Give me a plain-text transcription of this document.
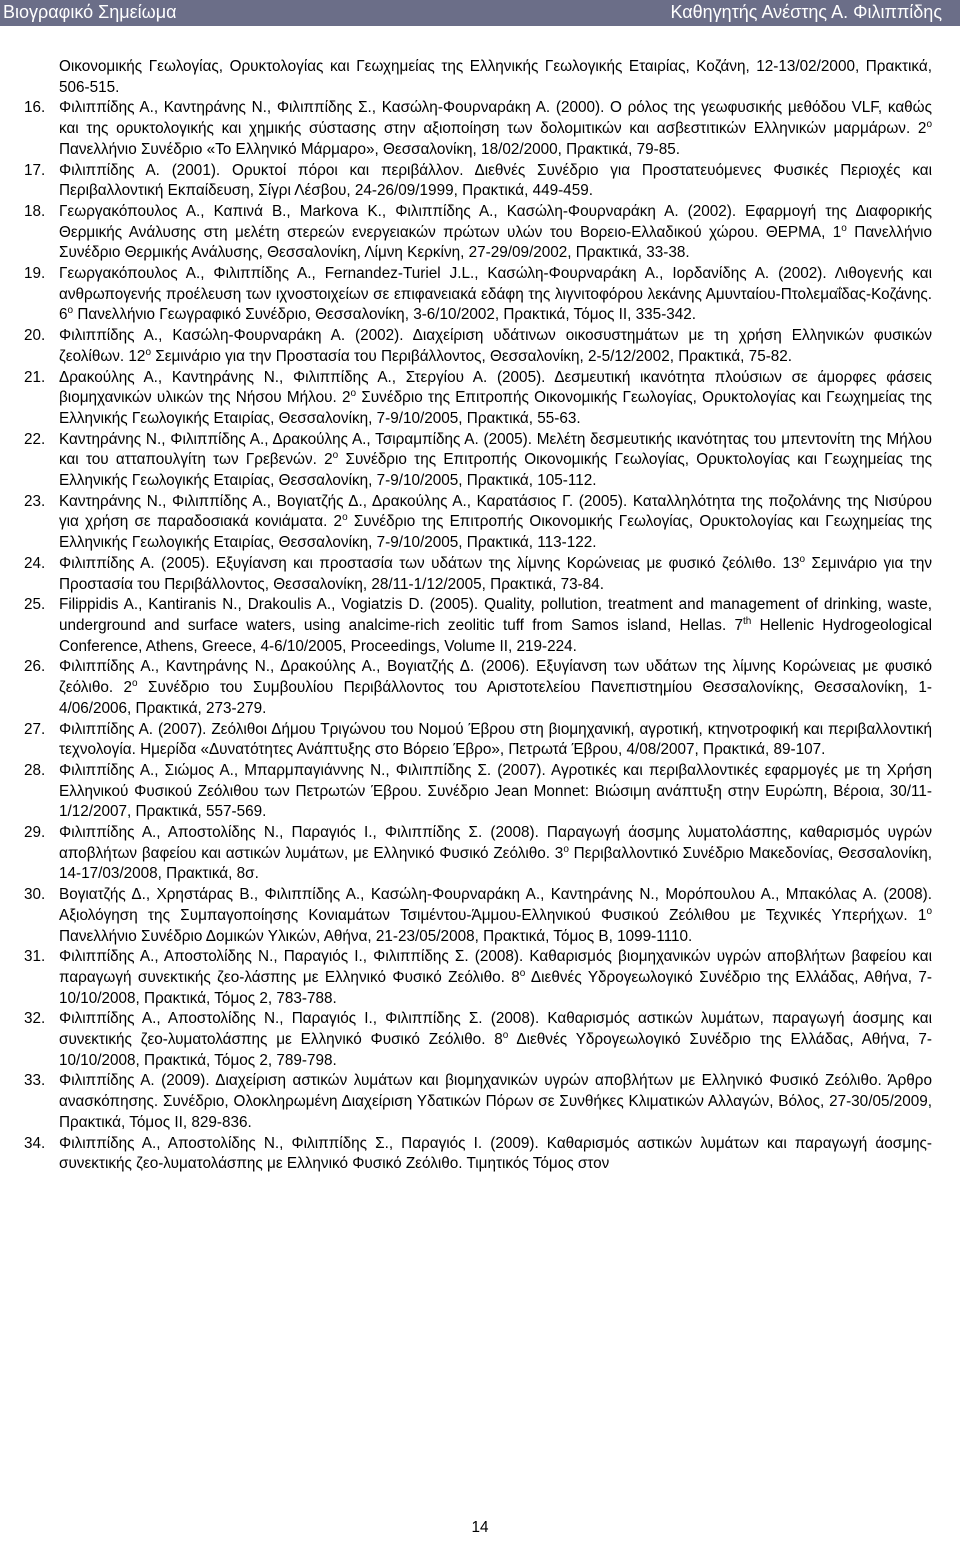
Βιογραφικό Σημείωμα	Καθηγητής Ανέστης Α. Φιλιππίδης
Οικονομικής Γεωλογίας, Ορυκτολογίας και Γεωχημείας της Ελληνικής Γεωλογικής Εταιρίας, Κοζάνη, 12-13/02/2000, Πρακτικά, 506-515.
16. Φιλιππίδης Α., Καντηράνης Ν., Φιλιππίδης Σ., Κασώλη-Φουρναράκη Α. (2000). Ο ρόλος της γεωφυσικής μεθόδου VLF, καθώς και της ορυκτολογικής και χημικής σύστασης στην αξιοποίηση των δολομιτικών και ασβεστιτικών Ελληνικών μαρμάρων. $2^o$ Πανελλήνιο Συνέδριο «Το Ελληνικό Μάρμαρο», Θεσσαλονίκη, 18/02/2000, Πρακτικά, 79-85.
17. Φιλιππίδης Α. (2001). Ορυκτοί πόροι και περιβάλλον. Διεθνές Συνέδριο για Προστατευόμενες Φυσικές Περιοχές και Περιβαλλοντική Εκπαίδευση, Σίγρι Λέσβου, 24-26/09/1999, Πρακτικά, 449-459.
18. Γεωργακόπουλος Α., Καπινά Β., Markova K., Φιλιππίδης Α., Κασώλη-Φουρναράκη Α. (2002). Εφαρμογή της Διαφορικής Θερμικής Ανάλυσης στη μελέτη στερεών ενεργειακών πρώτων υλών του Βορειο-Ελλαδικού χώρου. ΘΕΡΜΑ, $1^o$ Πανελλήνιο Συνέδριο Θερμικής Ανάλυσης, Θεσσαλονίκη, Λίμνη Κερκίνη, 27-29/09/2002, Πρακτικά, 33-38.
19. Γεωργακόπουλος Α., Φιλιππίδης Α., Fernandez-Turiel J.L., Κασώλη-Φουρναράκη Α., Ιορδανίδης Α. (2002). Λιθογενής και ανθρωπογενής προέλευση των ιχνοστοιχείων σε επιφανειακά εδάφη της λιγνιτοφόρου λεκάνης Αμυνταίου-Πτολεμαΐδας-Κοζάνης. $6^o$ Πανελλήνιο Γεωγραφικό Συνέδριο, Θεσσαλονίκη, 3-6/10/2002, Πρακτικά, Τόμος ΙΙ, 335-342.
20. Φιλιππίδης Α., Κασώλη-Φουρναράκη Α. (2002). Διαχείριση υδάτινων οικοσυστημάτων με τη χρήση Ελληνικών φυσικών ζεολίθων. $12^o$ Σεμινάριο για την Προστασία του Περιβάλλοντος, Θεσσαλονίκη, 2-5/12/2002, Πρακτικά, 75-82.
21. Δρακούλης Α., Καντηράνης Ν., Φιλιππίδης Α., Στεργίου Α. (2005). Δεσμευτική ικανότητα πλούσιων σε άμορφες φάσεις βιομηχανικών υλικών της Νήσου Μήλου. $2^o$ Συνέδριο της Επιτροπής Οικονομικής Γεωλογίας, Ορυκτολογίας και Γεωχημείας της Ελληνικής Γεωλογικής Εταιρίας, Θεσσαλονίκη, 7-9/10/2005, Πρακτικά, 55-63.
22. Καντηράνης Ν., Φιλιππίδης Α., Δρακούλης Α., Τσιραμπίδης Α. (2005). Μελέτη δεσμευτικής ικανότητας του μπεντονίτη της Μήλου και του ατταπουλγίτη των Γρεβενών. $2^o$ Συνέδριο της Επιτροπής Οικονομικής Γεωλογίας, Ορυκτολογίας και Γεωχημείας της Ελληνικής Γεωλογικής Εταιρίας, Θεσσαλονίκη, 7-9/10/2005, Πρακτικά, 105-112.
23. Καντηράνης Ν., Φιλιππίδης Α., Βογιατζής Δ., Δρακούλης Α., Καρατάσιος Γ. (2005). Καταλληλότητα της ποζολάνης της Νισύρου για χρήση σε παραδοσιακά κονιάματα. $2^o$ Συνέδριο της Επιτροπής Οικονομικής Γεωλογίας, Ορυκτολογίας και Γεωχημείας της Ελληνικής Γεωλογικής Εταιρίας, Θεσσαλονίκη, 7-9/10/2005, Πρακτικά, 113-122.
24. Φιλιππίδης Α. (2005). Εξυγίανση και προστασία των υδάτων της λίμνης Κορώνειας με φυσικό ζεόλιθο. $13^o$ Σεμινάριο για την Προστασία του Περιβάλλοντος, Θεσσαλονίκη, 28/11-1/12/2005, Πρακτικά, 73-84.
25. Filippidis A., Kantiranis N., Drakoulis A., Vogiatzis D. (2005). Quality, pollution, treatment and management of drinking, waste, underground and surface waters, using analcime-rich zeolitic tuff from Samos island, Hellas. 7th Hellenic Hydrogeological Conference, Athens, Greece, 4-6/10/2005, Proceedings, Volume II, 219-224.
26. Φιλιππίδης Α., Καντηράνης Ν., Δρακούλης Α., Βογιατζής Δ. (2006). Εξυγίανση των υδάτων της λίμνης Κορώνειας με φυσικό ζεόλιθο. $2^o$ Συνέδριο του Συμβουλίου Περιβάλλοντος του Αριστοτελείου Πανεπιστημίου Θεσσαλονίκης, Θεσσαλονίκη, 1-4/06/2006, Πρακτικά, 273-279.
27. Φιλιππίδης Α. (2007). Ζεόλιθοι Δήμου Τριγώνου του Νομού Έβρου στη βιομηχανική, αγροτική, κτηνοτροφική και περιβαλλοντική τεχνολογία. Ημερίδα «Δυνατότητες Ανάπτυξης στο Βόρειο Έβρο», Πετρωτά Έβρου, 4/08/2007, Πρακτικά, 89-107.
28. Φιλιππίδης Α., Σιώμος Α., Μπαρμπαγιάννης Ν., Φιλιππίδης Σ. (2007). Αγροτικές και περιβαλλοντικές εφαρμογές με τη Χρήση Ελληνικού Φυσικού Ζεόλιθου των Πετρωτών Έβρου. Συνέδριο Jean Monnet: Βιώσιμη ανάπτυξη στην Ευρώπη, Βέροια, 30/11-1/12/2007, Πρακτικά, 557-569.
29. Φιλιππίδης Α., Αποστολίδης Ν., Παραγιός Ι., Φιλιππίδης Σ. (2008). Παραγωγή άοσμης λυματολάσπης, καθαρισμός υγρών αποβλήτων βαφείου και αστικών λυμάτων, με Ελληνικό Φυσικό Ζεόλιθο. $3^o$ Περιβαλλοντικό Συνέδριο Μακεδονίας, Θεσσαλονίκη, 14-17/03/2008, Πρακτικά, 8σ.
30. Βογιατζής Δ., Χρηστάρας Β., Φιλιππίδης Α., Κασώλη-Φουρναράκη Α., Καντηράνης Ν., Μορόπουλου Α., Μπακόλας Α. (2008). Αξιολόγηση της Συμπαγοποίησης Κονιαμάτων Τσιμέντου-Άμμου-Ελληνικού Φυσικού Ζεόλιθου με Τεχνικές Υπερήχων. $1^o$ Πανελλήνιο Συνέδριο Δομικών Υλικών, Αθήνα, 21-23/05/2008, Πρακτικά, Τόμος Β, 1099-1110.
31. Φιλιππίδης Α., Αποστολίδης Ν., Παραγιός Ι., Φιλιππίδης Σ. (2008). Καθαρισμός βιομηχανικών υγρών αποβλήτων βαφείου και παραγωγή συνεκτικής ζεο-λάσπης με Ελληνικό Φυσικό Ζεόλιθο. $8^o$ Διεθνές Υδρογεωλογικό Συνέδριο της Ελλάδας, Αθήνα, 7-10/10/2008, Πρακτικά, Τόμος 2, 783-788.
32. Φιλιππίδης Α., Αποστολίδης Ν., Παραγιός Ι., Φιλιππίδης Σ. (2008). Καθαρισμός αστικών λυμάτων, παραγωγή άοσμης και συνεκτικής ζεο-λυματολάσπης με Ελληνικό Φυσικό Ζεόλιθο. $8^o$ Διεθνές Υδρογεωλογικό Συνέδριο της Ελλάδας, Αθήνα, 7-10/10/2008, Πρακτικά, Τόμος 2, 789-798.
33. Φιλιππίδης Α. (2009). Διαχείριση αστικών λυμάτων και βιομηχανικών υγρών αποβλήτων με Ελληνικό Φυσικό Ζεόλιθο. Άρθρο ανασκόπησης. Συνέδριο, Ολοκληρωμένη Διαχείριση Υδατικών Πόρων σε Συνθήκες Κλιματικών Αλλαγών, Βόλος, 27-30/05/2009, Πρακτικά, Τόμος ΙΙ, 829-836.
34. Φιλιππίδης Α., Αποστολίδης Ν., Φιλιππίδης Σ., Παραγιός Ι. (2009). Καθαρισμός αστικών λυμάτων και παραγωγή άοσμης-συνεκτικής ζεο-λυματολάσπης με Ελληνικό Φυσικό Ζεόλιθο. Τιμητικός Τόμος στον
14
